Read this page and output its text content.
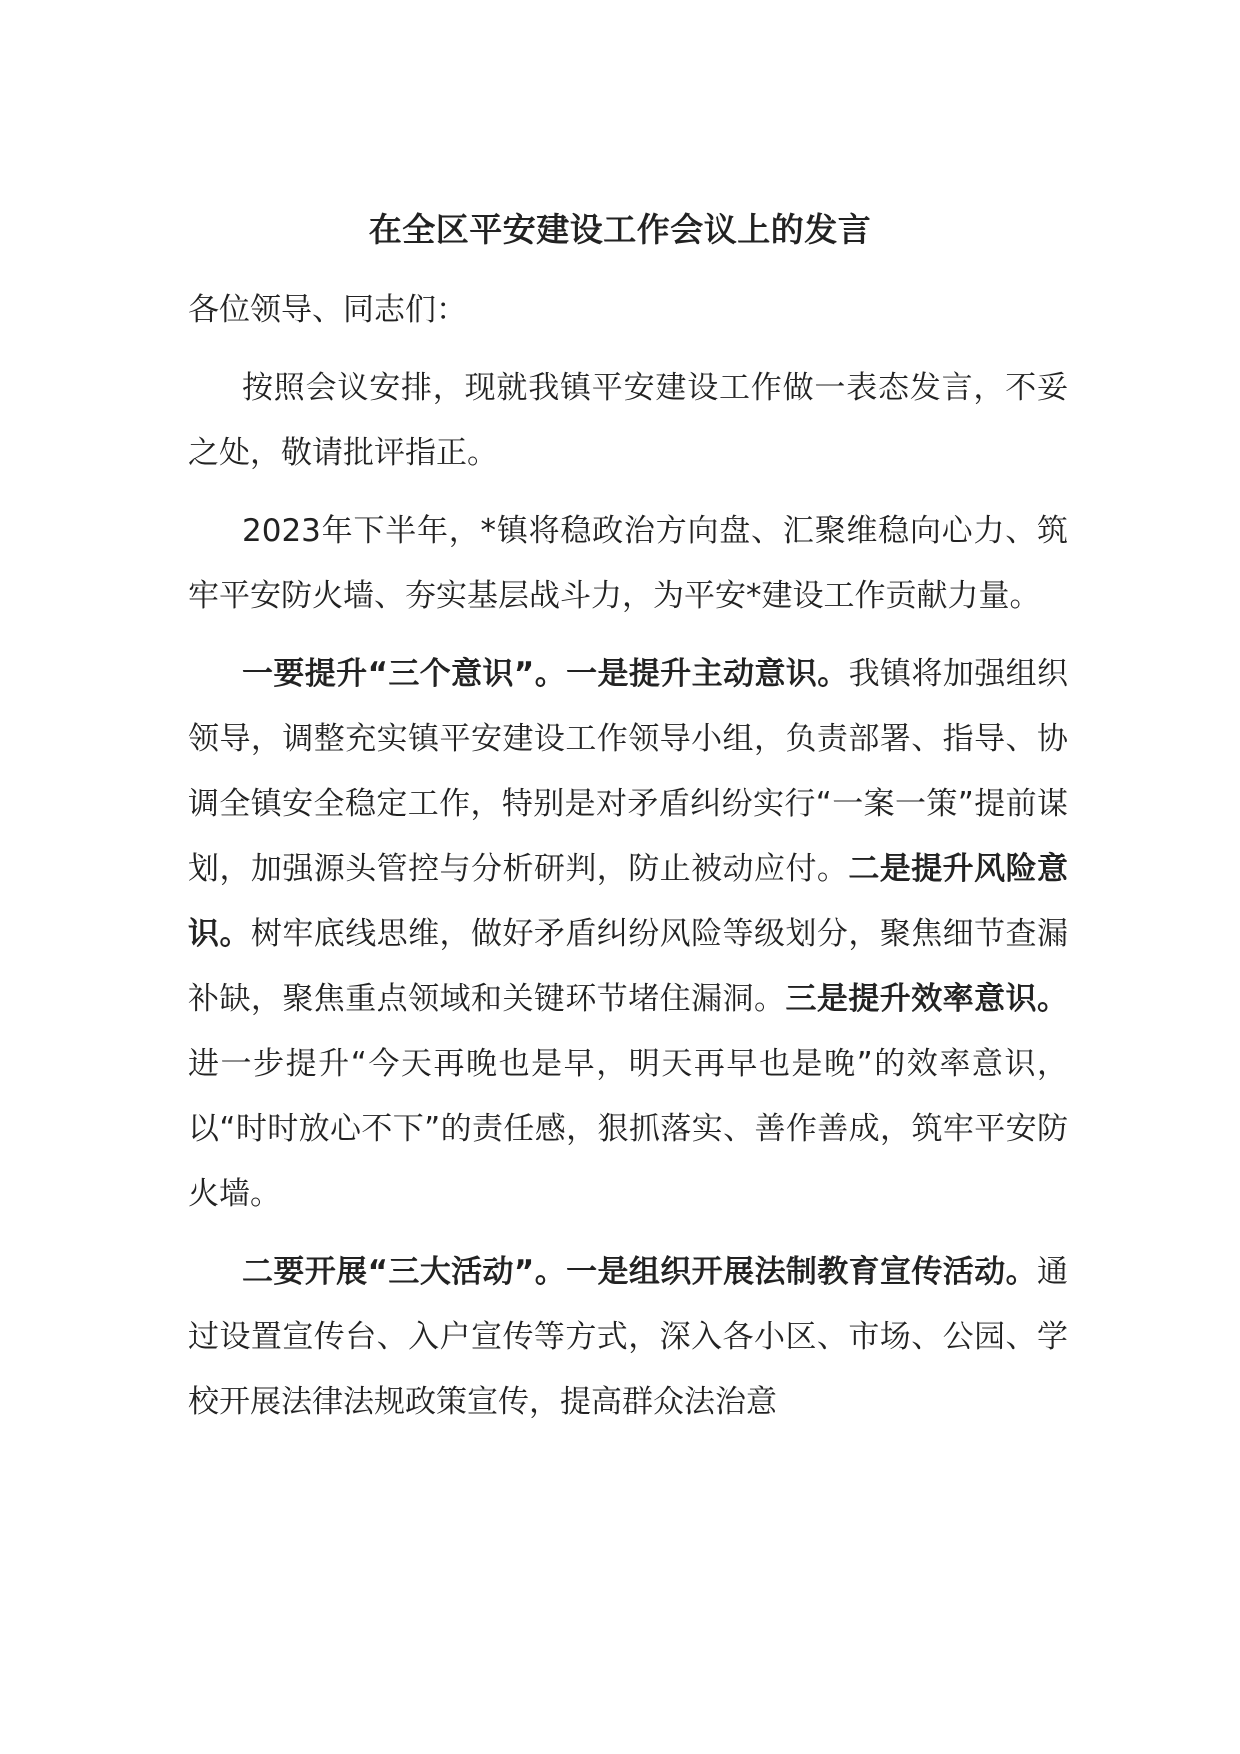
在全区平安建设工作会议上的发言

各位领导、同志们：

按照会议安排，现就我镇平安建设工作做一表态发言，不妥之处，敬请批评指正。

2023年下半年，*镇将稳政治方向盘、汇聚维稳向心力、筑牢平安防火墙、夯实基层战斗力，为平安*建设工作贡献力量。

一要提升“三个意识”。一是提升主动意识。我镇将加强组织领导，调整充实镇平安建设工作领导小组，负责部署、指导、协调全镇安全稳定工作，特别是对矛盾纠纷实行“一案一策”提前谋划，加强源头管控与分析研判，防止被动应付。二是提升风险意识。树牢底线思维，做好矛盾纠纷风险等级划分，聚焦细节查漏补缺，聚焦重点领域和关键环节堵住漏洞。三是提升效率意识。进一步提升“今天再晚也是早，明天再早也是晚”的效率意识，以“时时放心不下”的责任感，狠抓落实、善作善成，筑牢平安防火墙。

二要开展“三大活动”。一是组织开展法制教育宣传活动。通过设置宣传台、入户宣传等方式，深入各小区、市场、公园、学校开展法律法规政策宣传，提高群众法治意
